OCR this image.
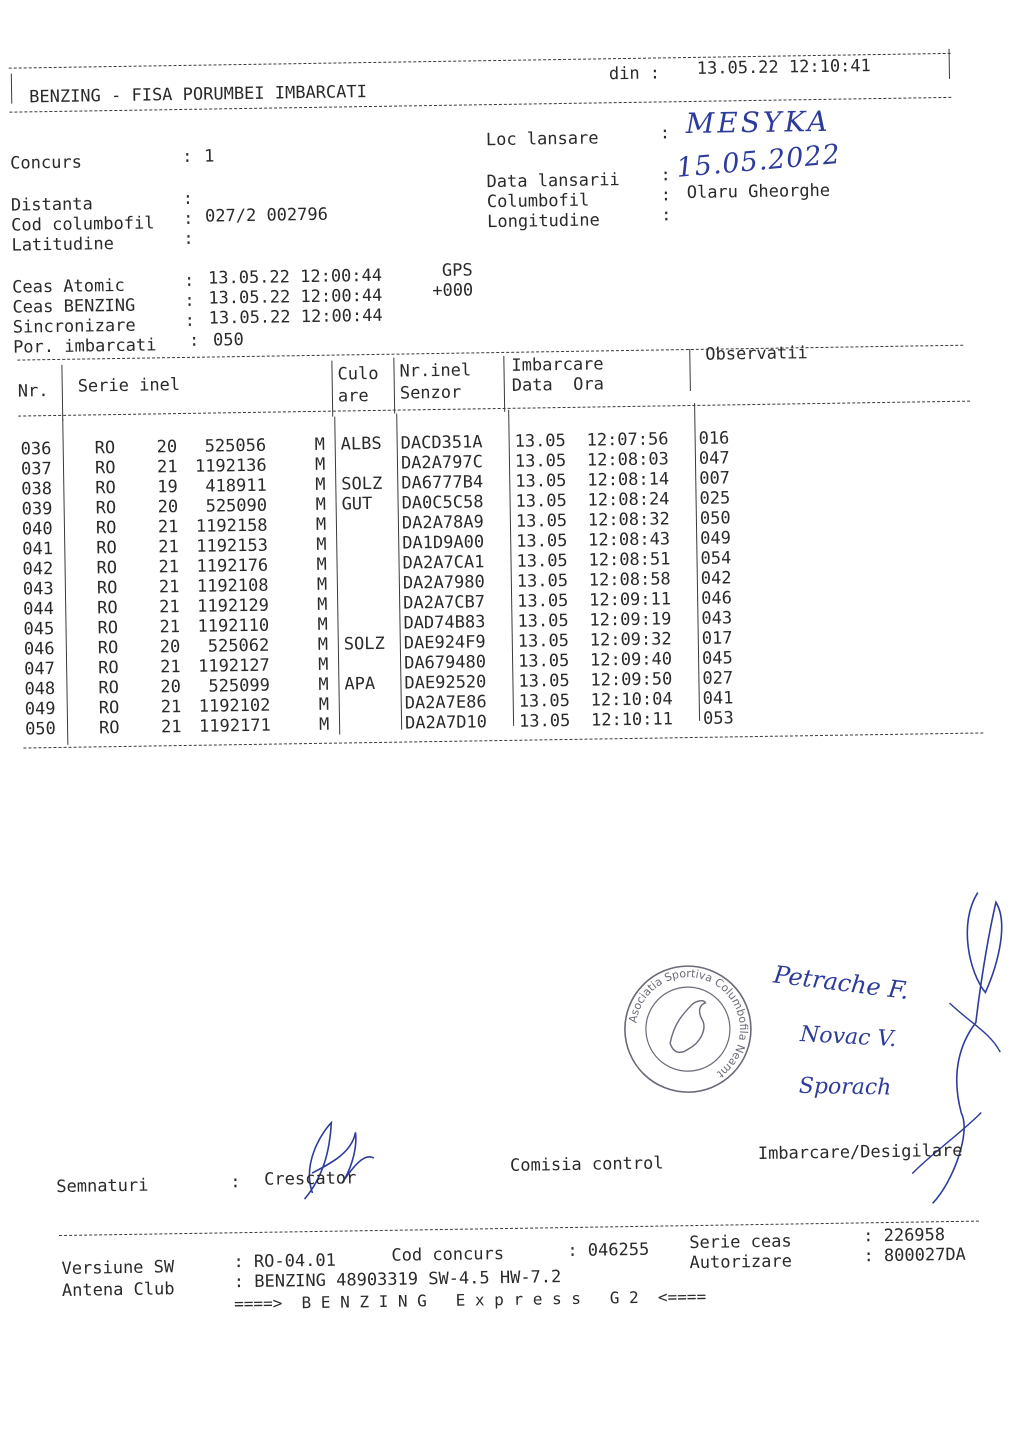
BENZING - FISA PORUMBEI IMBARCATI
din : 13.05.22 12:10:41
Concurs	: 1
Distanta	:
Cod columbofil : 027/2 002796
Latitudine	:
Loc lansare	: MESYKA
Data lansarii : 15.05.2022
Columbofil	: Olaru Gheorghe
Longitudine	:
Ceas Atomic	: 13.05.22 12:00:44	GPS
Ceas BENZING	: 13.05.22 12:00:44	+000
Sincronizare	: 13.05.22 12:00:44
Por. imbarcati : 050
Nr. Serie inel
Culo
are
Nr.inel
Senzor
Imbarcare
Data  Ora
Observatii
036	RO 20 525056	M ALBS DACD351A 13.05 12:07:56 016
037	RO 21 1192136	M	DA2A797C 13.05 12:08:03 047
038	RO 19 418911	M SOLZ DA6777B4 13.05 12:08:14 007
039	RO 20 525090	M GUT DA0C5C58 13.05 12:08:24 025
040	RO 21 1192158	M	DA2A78A9 13.05 12:08:32 050
041	RO 21 1192153	M	DA1D9A00 13.05 12:08:43 049
042	RO 21 1192176	M	DA2A7CA1 13.05 12:08:51 054
043	RO 21 1192108	M	DA2A7980 13.05 12:08:58 042
044	RO 21 1192129	M	DA2A7CB7 13.05 12:09:11 046
045	RO 21 1192110	M	DAD74B83 13.05 12:09:19 043
046	RO 20 525062	M SOLZ DAE924F9 13.05 12:09:32 017
047	RO 21 1192127	M	DA679480 13.05 12:09:40 045
048	RO 20 525099	M APA DAE92520 13.05 12:09:50 027
049	RO 21 1192102	M	DA2A7E86 13.05 12:10:04 041
050	RO 21 1192171	M	DA2A7D10 13.05 12:10:11 053
Asociatia Sportiva Columbofila Neamt
Petrache F.
Novac V.
Sporach
Semnaturi	: Crescator
Comisia control
Imbarcare/Desigilare
Versiune SW	: RO-04.01	Cod concurs	: 046255 Serie ceas	: 226958
Antena Club	: BENZING 48903319 SW-4.5 HW-7.2
Autorizare	: 800027DA
====>  B E N Z I N G   E x p r e s s   G 2  <====
